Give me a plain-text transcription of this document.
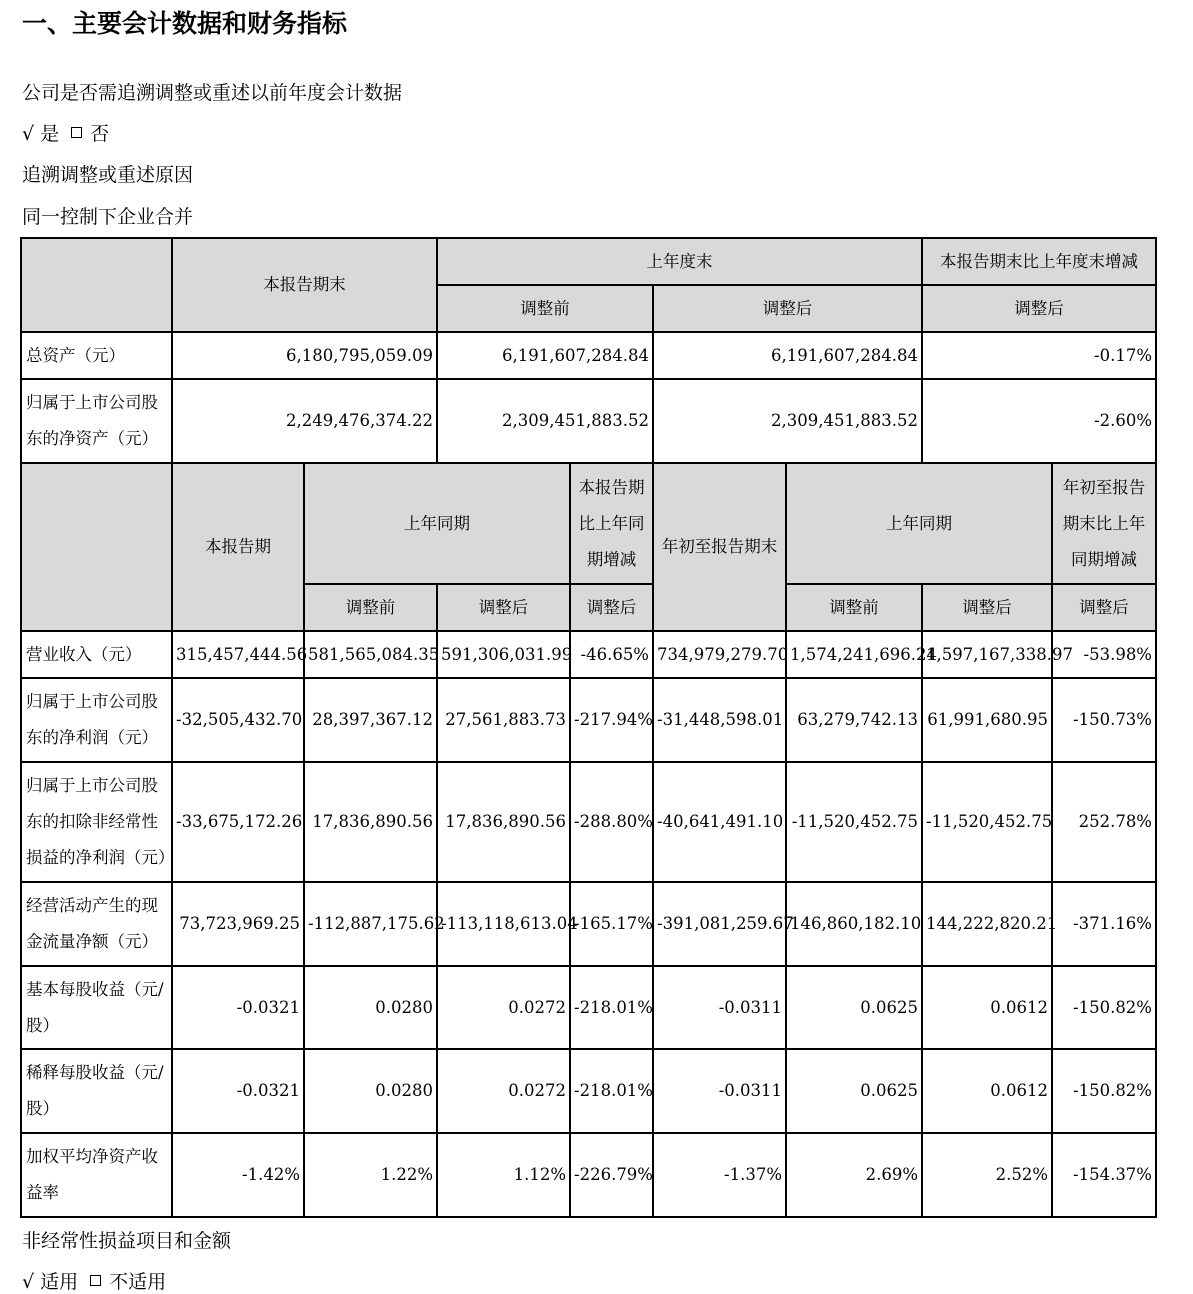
一、主要会计数据和财务指标

公司是否需追溯调整或重述以前年度会计数据

√ 是 否

追溯调整或重述原因

同一控制下企业合并

	本报告期末	上年度末		本报告期末比上年度末增减
		调整前	调整后	调整后
总资产（元）	6,180,795,059.09	6,191,607,284.84	6,191,607,284.84	-0.17%
归属于上市公司股东的净资产（元）	2,249,476,374.22	2,309,451,883.52	2,309,451,883.52	-2.60%
	本报告期	上年同期		本报告期比上年同期增减	年初至报告期末	上年同期		年初至报告期末比上年同期增减
		调整前	调整后	调整后		调整前	调整后	调整后
营业收入（元）	315,457,444.56	581,565,084.35	591,306,031.99	-46.65%	734,979,279.70	1,574,241,696.24	1,597,167,338.97	-53.98%
归属于上市公司股东的净利润（元）	-32,505,432.70	28,397,367.12	27,561,883.73	-217.94%	-31,448,598.01	63,279,742.13	61,991,680.95	-150.73%
归属于上市公司股东的扣除非经常性损益的净利润（元）	-33,675,172.26	17,836,890.56	17,836,890.56	-288.80%	-40,641,491.10	-11,520,452.75	-11,520,452.75	252.78%
经营活动产生的现金流量净额（元）	73,723,969.25	-112,887,175.62	-113,118,613.04	-165.17%	-391,081,259.67	146,860,182.10	144,222,820.21	-371.16%
基本每股收益（元/股）	-0.0321	0.0280	0.0272	-218.01%	-0.0311	0.0625	0.0612	-150.82%
稀释每股收益（元/股）	-0.0321	0.0280	0.0272	-218.01%	-0.0311	0.0625	0.0612	-150.82%
加权平均净资产收益率	-1.42%	1.22%	1.12%	-226.79%	-1.37%	2.69%	2.52%	-154.37%

非经常性损益项目和金额

√ 适用 不适用
